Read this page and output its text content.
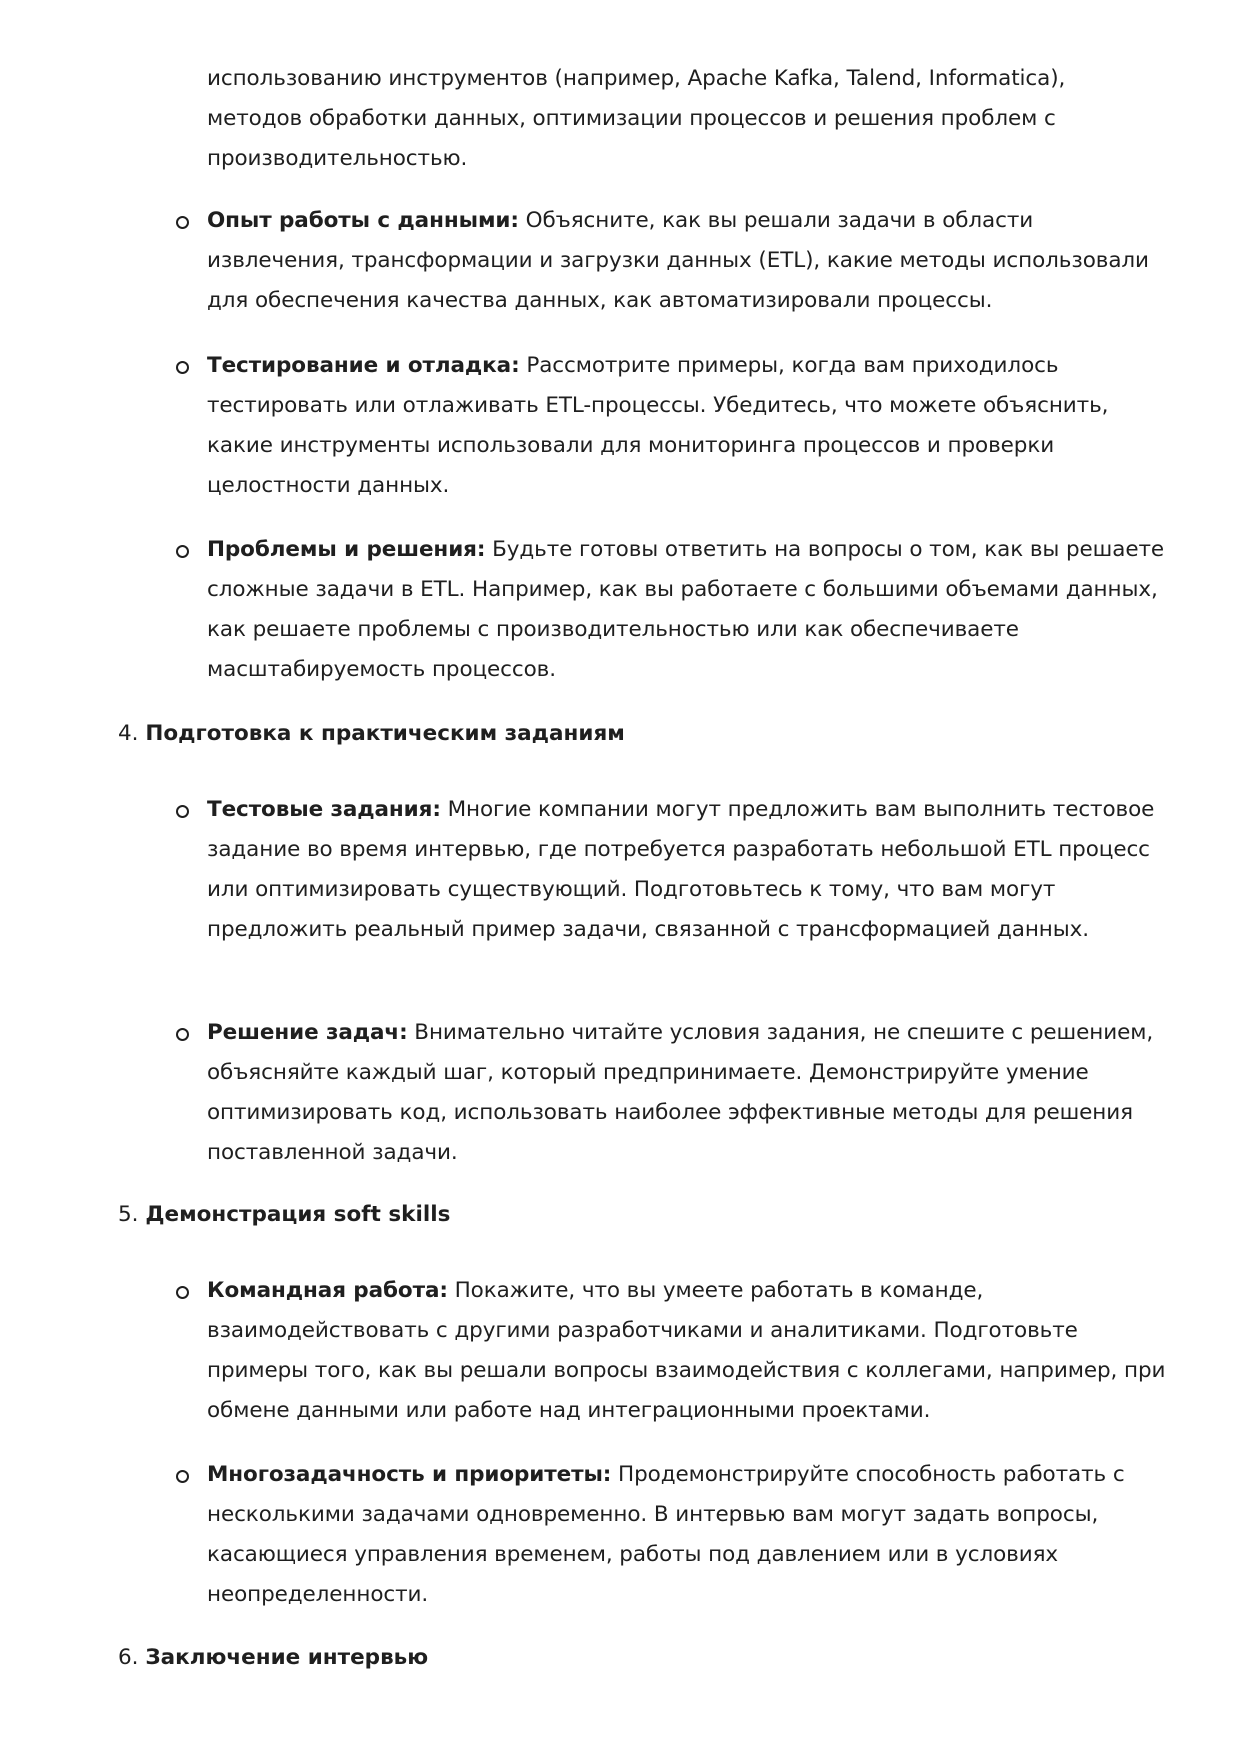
использованию инструментов (например, Apache Kafka, Talend, Informatica), методов обработки данных, оптимизации процессов и решения проблем с производительностью.
Опыт работы с данными: Объясните, как вы решали задачи в области извлечения, трансформации и загрузки данных (ETL), какие методы использовали для обеспечения качества данных, как автоматизировали процессы.
Тестирование и отладка: Рассмотрите примеры, когда вам приходилось тестировать или отлаживать ETL-процессы. Убедитесь, что можете объяснить, какие инструменты использовали для мониторинга процессов и проверки целостности данных.
Проблемы и решения: Будьте готовы ответить на вопросы о том, как вы решаете сложные задачи в ETL. Например, как вы работаете с большими объемами данных, как решаете проблемы с производительностью или как обеспечиваете масштабируемость процессов.
4. Подготовка к практическим заданиям
Тестовые задания: Многие компании могут предложить вам выполнить тестовое задание во время интервью, где потребуется разработать небольшой ETL процесс или оптимизировать существующий. Подготовьтесь к тому, что вам могут предложить реальный пример задачи, связанной с трансформацией данных.
Решение задач: Внимательно читайте условия задания, не спешите с решением, объясняйте каждый шаг, который предпринимаете. Демонстрируйте умение оптимизировать код, использовать наиболее эффективные методы для решения поставленной задачи.
5. Демонстрация soft skills
Командная работа: Покажите, что вы умеете работать в команде, взаимодействовать с другими разработчиками и аналитиками. Подготовьте примеры того, как вы решали вопросы взаимодействия с коллегами, например, при обмене данными или работе над интеграционными проектами.
Многозадачность и приоритеты: Продемонстрируйте способность работать с несколькими задачами одновременно. В интервью вам могут задать вопросы, касающиеся управления временем, работы под давлением или в условиях неопределенности.
6. Заключение интервью
